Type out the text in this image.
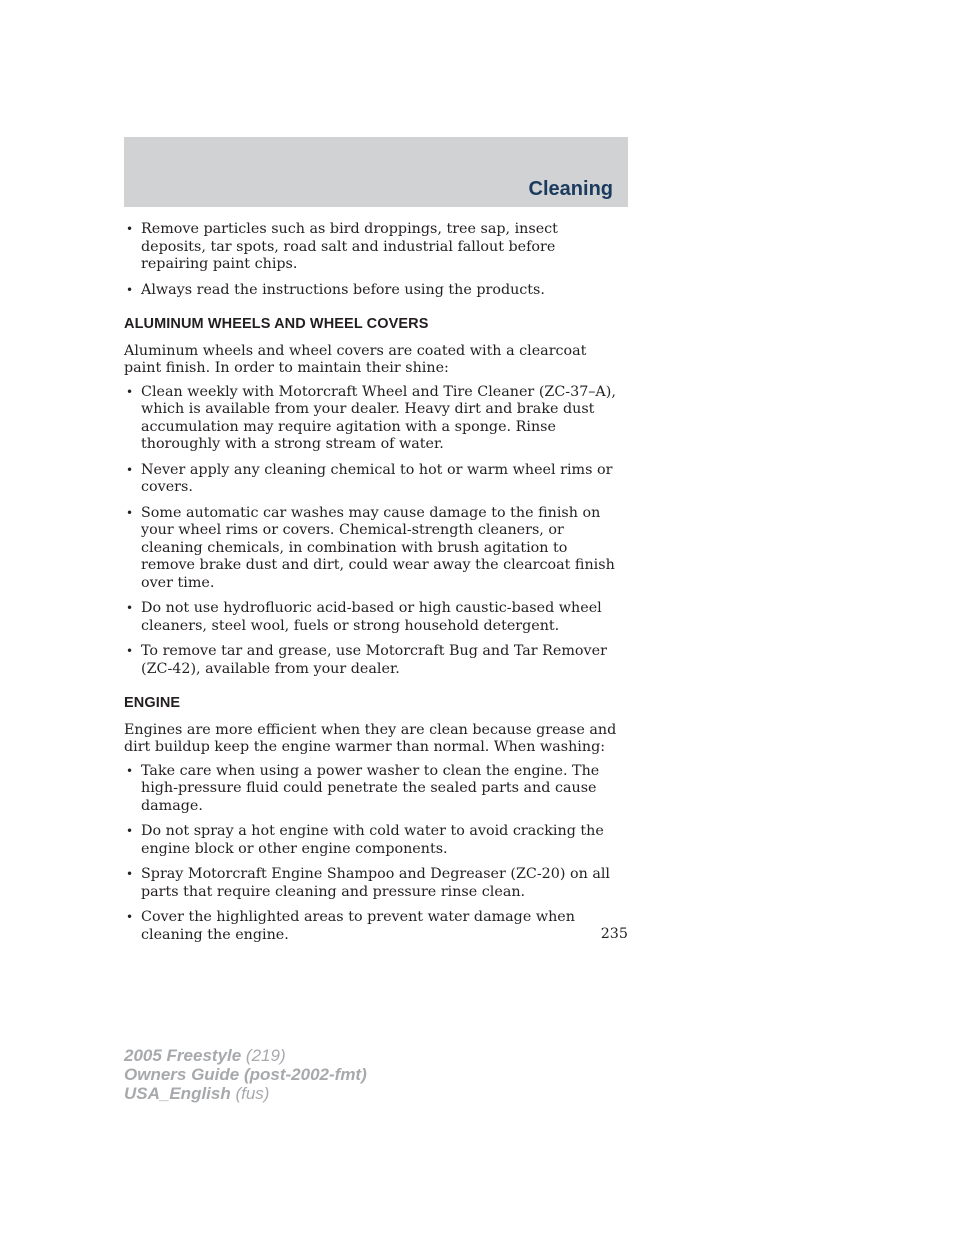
Cleaning
• Remove particles such as bird droppings, tree sap, insect deposits, tar spots, road salt and industrial fallout before repairing paint chips.
• Always read the instructions before using the products.
ALUMINUM WHEELS AND WHEEL COVERS

Aluminum wheels and wheel covers are coated with a clearcoat paint finish. In order to maintain their shine:

• Clean weekly with Motorcraft Wheel and Tire Cleaner (ZC-37–A), which is available from your dealer. Heavy dirt and brake dust accumulation may require agitation with a sponge. Rinse thoroughly with a strong stream of water.
• Never apply any cleaning chemical to hot or warm wheel rims or covers.
• Some automatic car washes may cause damage to the finish on your wheel rims or covers. Chemical-strength cleaners, or cleaning chemicals, in combination with brush agitation to remove brake dust and dirt, could wear away the clearcoat finish over time.
• Do not use hydrofluoric acid-based or high caustic-based wheel cleaners, steel wool, fuels or strong household detergent.
• To remove tar and grease, use Motorcraft Bug and Tar Remover (ZC-42), available from your dealer.
ENGINE

Engines are more efficient when they are clean because grease and dirt buildup keep the engine warmer than normal. When washing:

• Take care when using a power washer to clean the engine. The high-pressure fluid could penetrate the sealed parts and cause damage.
• Do not spray a hot engine with cold water to avoid cracking the engine block or other engine components.
• Spray Motorcraft Engine Shampoo and Degreaser (ZC-20) on all parts that require cleaning and pressure rinse clean.
• Cover the highlighted areas to prevent water damage when cleaning the engine.	235
2005 Freestyle (219)
Owners Guide (post-2002-fmt)
USA_English (fus)
